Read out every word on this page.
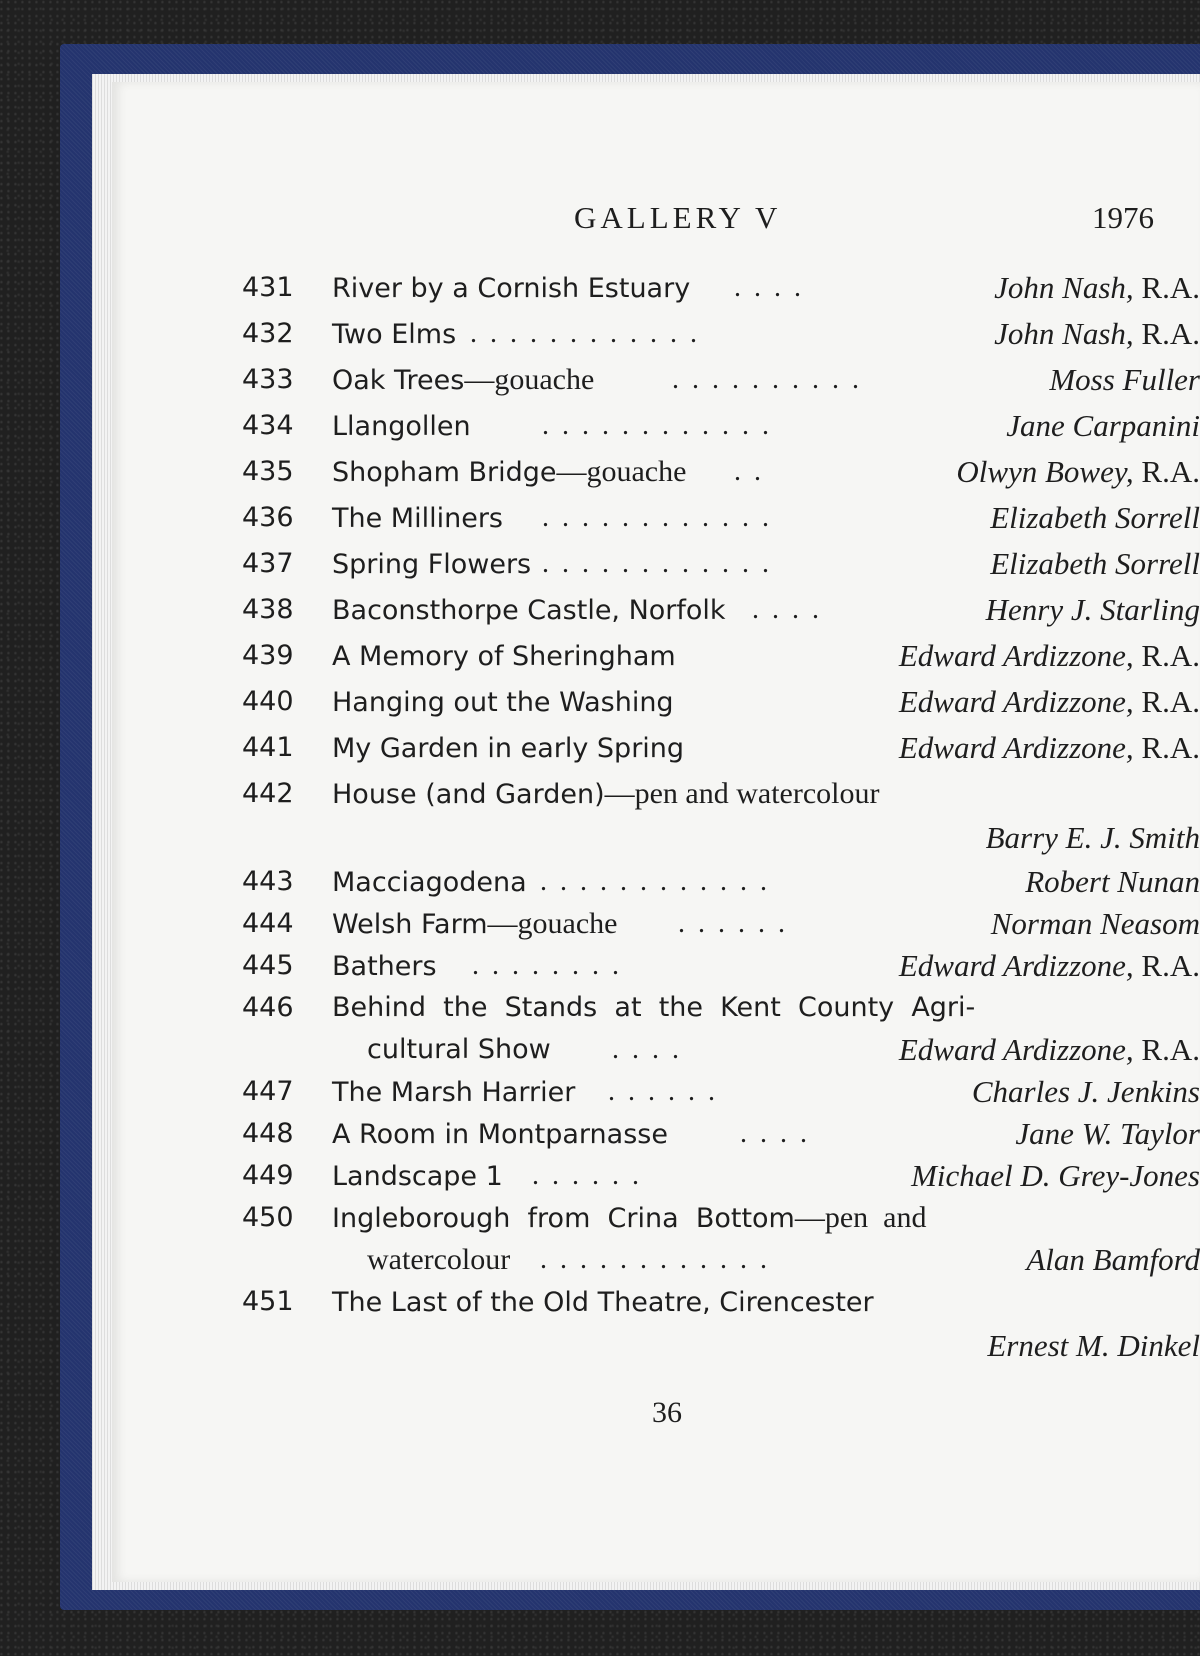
GALLERY V	1976
431 River by a Cornish Estuary . . . .	John Nash, R.A.
432 Two Elms . . . . . . . . . . . .	John Nash, R.A.
433 Oak Trees—gouache	. . . . . . . . . .	Moss Fuller
434 Llangollen	. . . . . . . . . . . .	Jane Carpanini
435 Shopham Bridge—gouache . .	Olwyn Bowey, R.A.
436 The Milliners . . . . . . . . . . . .	Elizabeth Sorrell
437 Spring Flowers . . . . . . . . . . . .	Elizabeth Sorrell
438 Baconsthorpe Castle, Norfolk . . . .	Henry J. Starling
439 A Memory of Sheringham	Edward Ardizzone, R.A.
440 Hanging out the Washing	Edward Ardizzone, R.A.
441 My Garden in early Spring	Edward Ardizzone, R.A.
442 House (and Garden)—pen and watercolour
Barry E. J. Smith
443 Macciagodena . . . . . . . . . . . .	Robert Nunan
444 Welsh Farm—gouache . . . . . .	Norman Neasom
445 Bathers . . . . . . . .	Edward Ardizzone, R.A.
446 Behind  the  Stands  at  the  Kent  County  Agri-
cultural Show . . . .	Edward Ardizzone, R.A.
447 The Marsh Harrier . . . . . .	Charles J. Jenkins
448 A Room in Montparnasse	. . . .	Jane W. Taylor
449 Landscape 1 . . . . . .	Michael D. Grey-Jones
450 Ingleborough  from  Crina  Bottom—pen  and
watercolour . . . . . . . . . . . .	Alan Bamford
451 The Last of the Old Theatre, Cirencester
Ernest M. Dinkel
36
